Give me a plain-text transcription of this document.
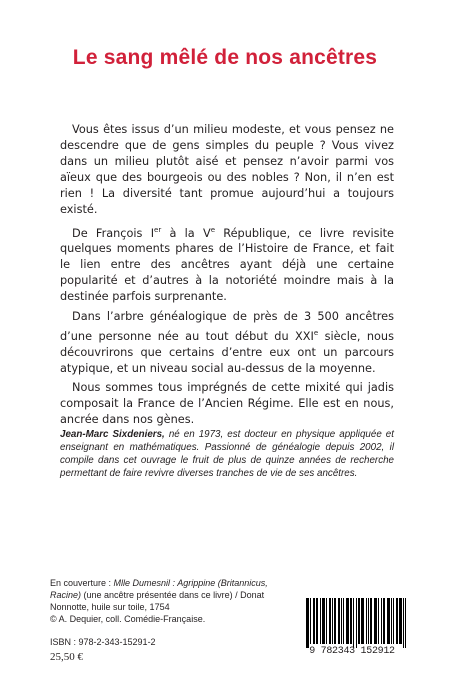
Le sang mêlé de nos ancêtres

Vous êtes issus d’un milieu modeste, et vous pensez ne descendre que de gens simples du peuple ? Vous vivez dans un milieu plutôt aisé et pensez n’avoir parmi vos aïeux que des bourgeois ou des nobles ? Non, il n’en est rien ! La diversité tant promue aujourd’hui a toujours existé.

De François Ier à la Ve République, ce livre revisite quelques moments phares de l’Histoire de France, et fait le lien entre des ancêtres ayant déjà une certaine popularité et d’autres à la notoriété moindre mais à la destinée parfois surprenante.

Dans l’arbre généalogique de près de 3 500 ancêtres d’une personne née au tout début du XXIe siècle, nous découvrirons que certains d’entre eux ont un parcours atypique, et un niveau social au-dessus de la moyenne.

Nous sommes tous imprégnés de cette mixité qui jadis composait la France de l’Ancien Régime. Elle est en nous, ancrée dans nos gènes.

Jean-Marc Sixdeniers, né en 1973, est docteur en physique appliquée et enseignant en mathématiques. Passionné de généalogie depuis 2002, il compile dans cet ouvrage le fruit de plus de quinze années de recherche permettant de faire revivre diverses tranches de vie de ses ancêtres.
En couverture : Mlle Dumesnil : Agrippine (Britannicus, Racine) (une ancêtre présentée dans ce livre) / Donat Nonnotte, huile sur toile, 1754
© A. Dequier, coll. Comédie-Française.
ISBN : 978-2-343-15291-2
25,50 €	9 782343 152912
